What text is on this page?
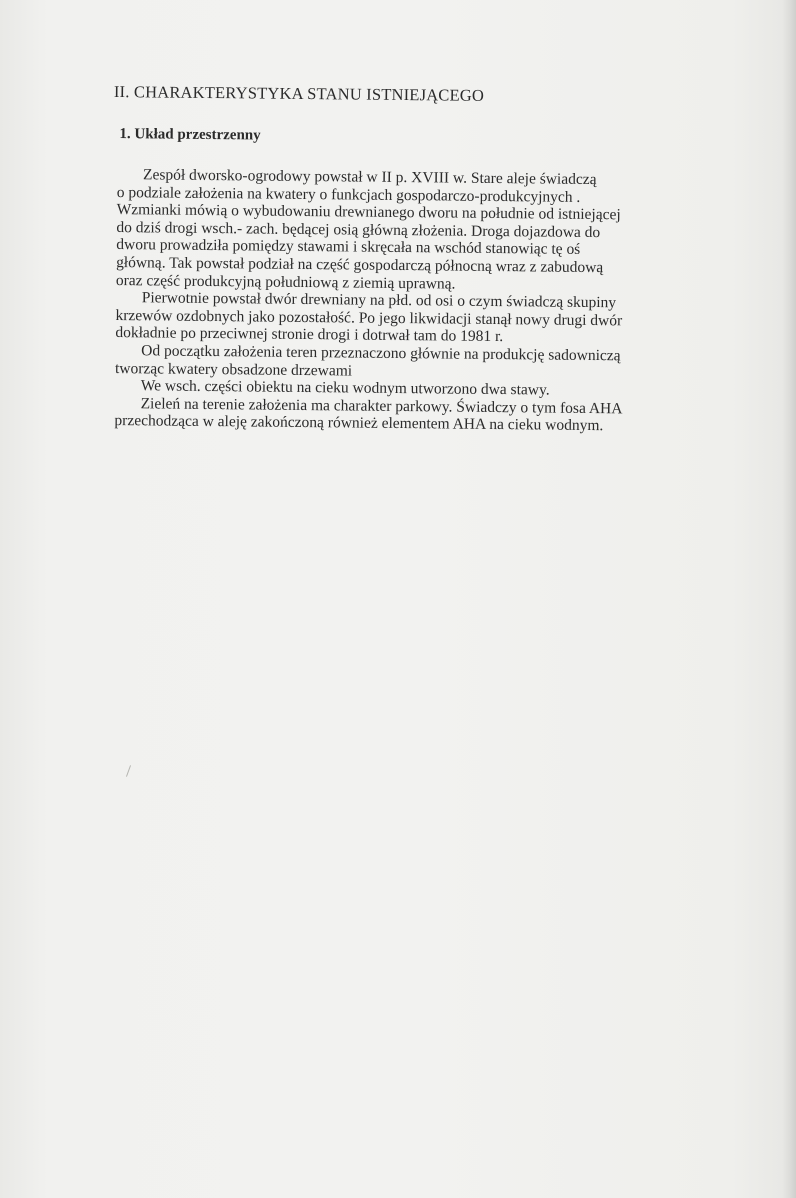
II. CHARAKTERYSTYKA STANU ISTNIEJĄCEGO
1. Układ przestrzenny
Zespół dworsko-ogrodowy powstał w II p. XVIII w. Stare aleje świadczą
o podziale założenia na kwatery o funkcjach gospodarczo-produkcyjnych .
Wzmianki mówią o wybudowaniu drewnianego dworu na południe od istniejącej
do dziś drogi wsch.- zach. będącej osią główną złożenia. Droga dojazdowa do
dworu prowadziła pomiędzy stawami i skręcała na wschód stanowiąc tę oś
główną. Tak powstał podział na część gospodarczą północną wraz z zabudową
oraz część produkcyjną południową z ziemią uprawną.
Pierwotnie powstał dwór drewniany na płd. od osi o czym świadczą skupiny
krzewów ozdobnych jako pozostałość. Po jego likwidacji stanął nowy drugi dwór
dokładnie po przeciwnej stronie drogi i dotrwał tam do 1981 r.
Od początku założenia teren przeznaczono głównie na produkcję sadowniczą
tworząc kwatery obsadzone drzewami
We wsch. części obiektu na cieku wodnym utworzono dwa stawy.
Zieleń na terenie założenia ma charakter parkowy. Świadczy o tym fosa AHA
przechodząca w aleję zakończoną również elementem AHA na cieku wodnym.
